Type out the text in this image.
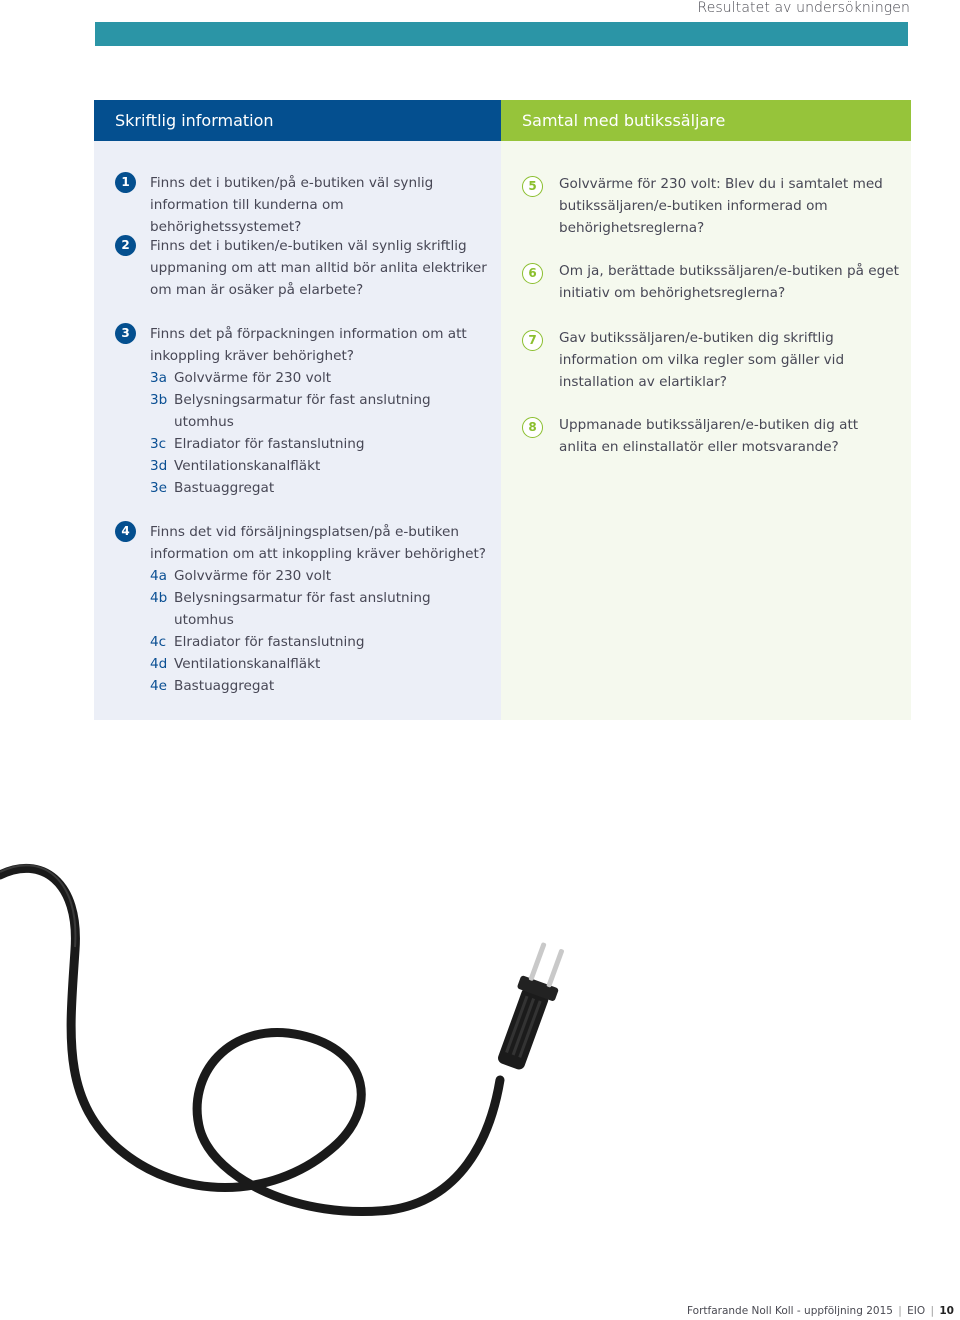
Resultatet av undersökningen
Skriftlig information
1	Finns det i butiken/på e-butiken väl synlig information till kunderna om behörighetssystemet?
2	Finns det i butiken/e-butiken väl synlig skriftlig uppmaning om att man alltid bör anlita elektriker om man är osäker på elarbete?
3	Finns det på förpackningen information om att inkoppling kräver behörighet?
3a Golvvärme för 230 volt
3b Belysningsarmatur för fast anslutning utomhus
3c Elradiator för fastanslutning
3d Ventilationskanalfläkt
3e Bastuaggregat
4	Finns det vid försäljningsplatsen/på e-butiken information om att inkoppling kräver behörighet?
4a Golvvärme för 230 volt
4b Belysningsarmatur för fast anslutning utomhus
4c Elradiator för fastanslutning
4d Ventilationskanalfläkt
4e Bastuaggregat
Samtal med butikssäljare
5	Golvvärme för 230 volt: Blev du i samtalet med butikssäljaren/e-butiken informerad om behörighetsreglerna?
6	Om ja, berättade butikssäljaren/e-butiken på eget initiativ om behörighetsreglerna?
7	Gav butikssäljaren/e-butiken dig skriftlig information om vilka regler som gäller vid installation av elartiklar?
8	Uppmanade butikssäljaren/e-butiken dig att anlita en elinstallatör eller motsvarande?
Fortfarande Noll Koll - uppföljning 2015 | EIO | 10
